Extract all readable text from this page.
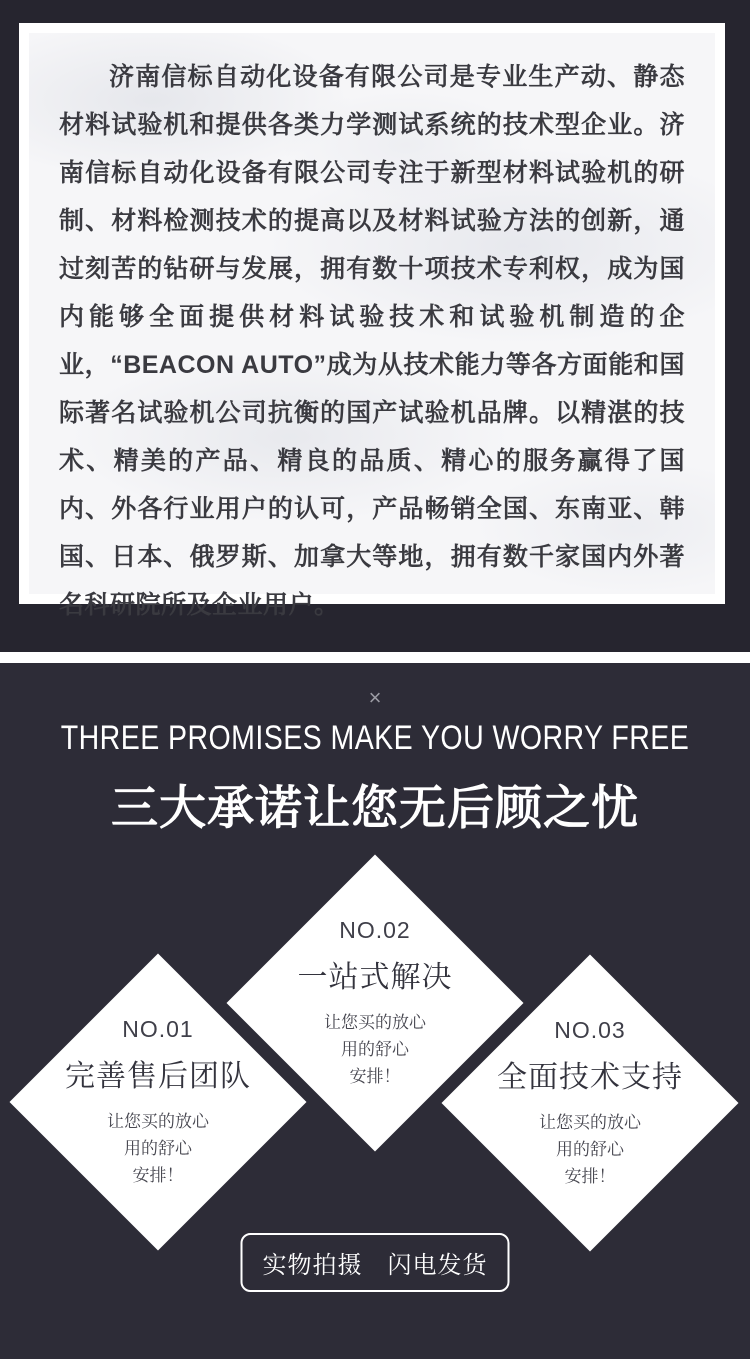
济南信标自动化设备有限公司是专业生产动、静态材料试验机和提供各类力学测试系统的技术型企业。济南信标自动化设备有限公司专注于新型材料试验机的研制、材料检测技术的提高以及材料试验方法的创新，通过刻苦的钻研与发展，拥有数十项技术专利权，成为国内能够全面提供材料试验技术和试验机制造的企业，“BEACON AUTO”成为从技术能力等各方面能和国际著名试验机公司抗衡的国产试验机品牌。以精湛的技术、精美的产品、精良的品质、精心的服务赢得了国内、外各行业用户的认可，产品畅销全国、东南亚、韩国、日本、俄罗斯、加拿大等地，拥有数千家国内外著名科研院所及企业用户。

×
THREE PROMISES MAKE YOU WORRY FREE
三大承诺让您无后顾之忧
NO.02
一站式解决
让您买的放心
用的舒心
安排！
NO.01
完善售后团队
让您买的放心
用的舒心
安排！
NO.03
全面技术支持
让您买的放心
用的舒心
安排！
实物拍摄　闪电发货
